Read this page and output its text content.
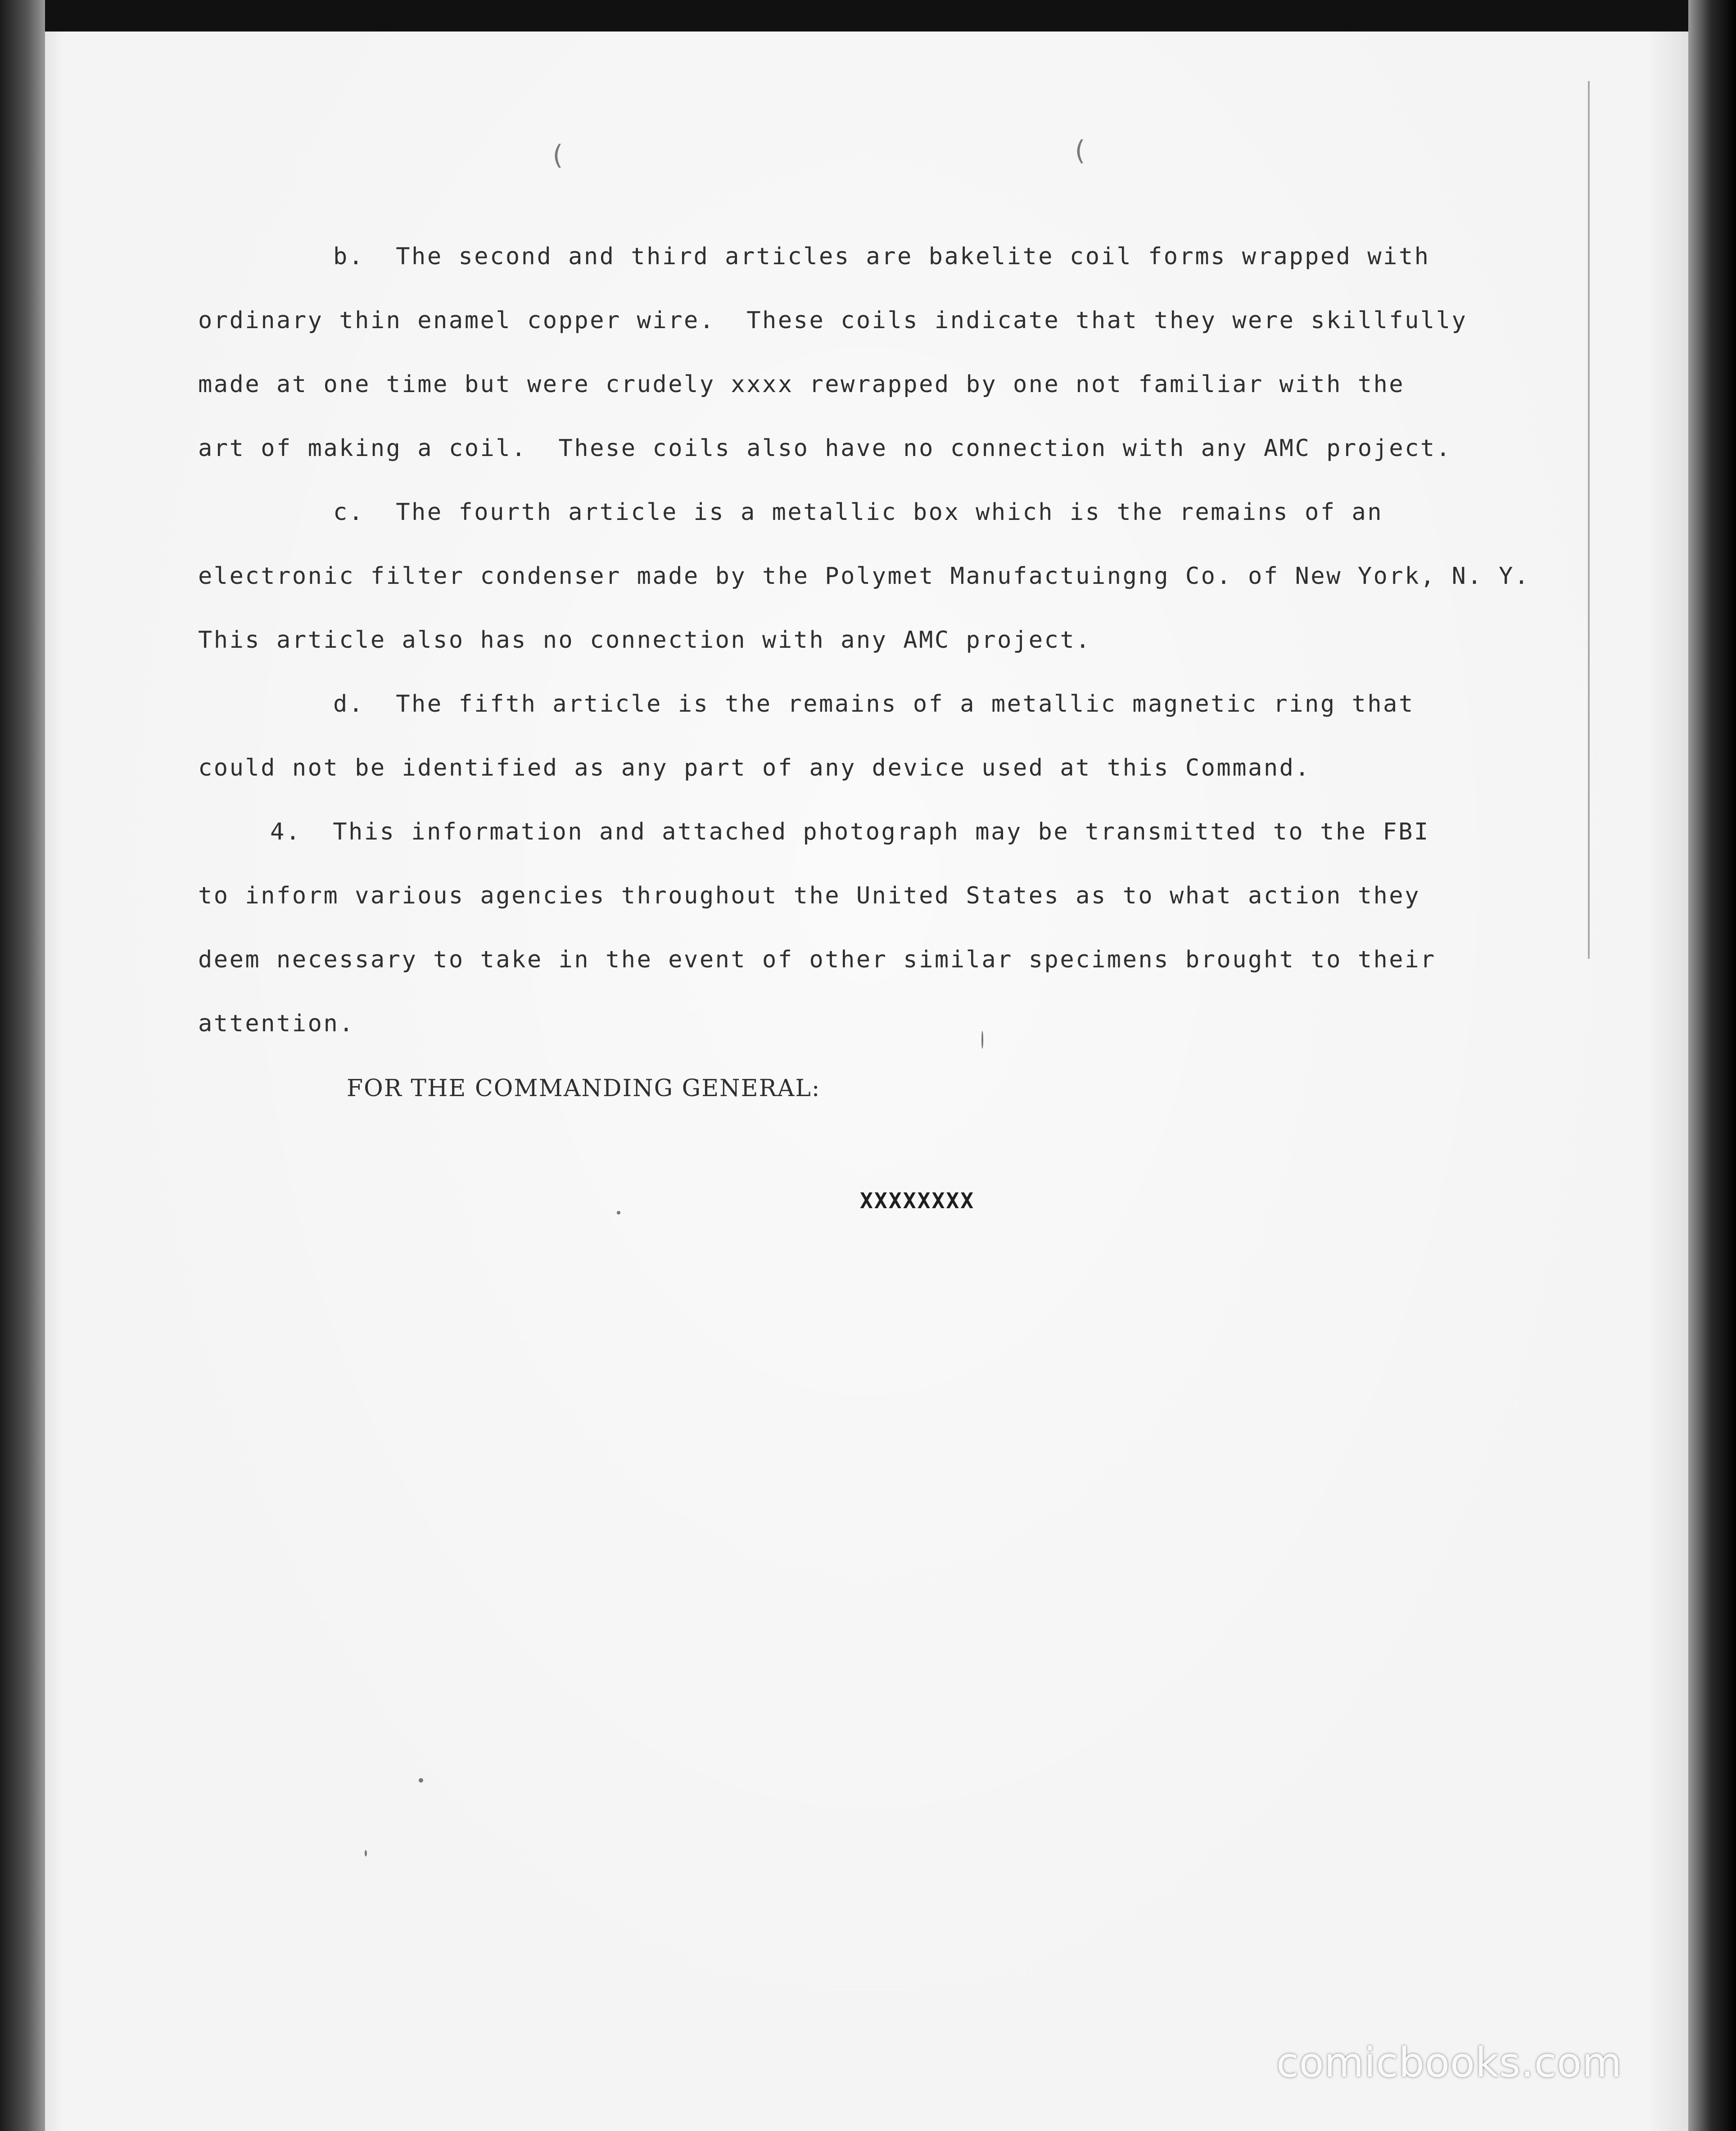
(	(
b.  The second and third articles are bakelite coil forms wrapped with
ordinary thin enamel copper wire.  These coils indicate that they were skillfully
made at one time but were crudely xxxx rewrapped by one not familiar with the
art of making a coil.  These coils also have no connection with any AMC project.
c.  The fourth article is a metallic box which is the remains of an
electronic filter condenser made by the Polymet Manufactuingng Co. of New York, N. Y.
This article also has no connection with any AMC project.
d.  The fifth article is the remains of a metallic magnetic ring that
could not be identified as any part of any device used at this Command.
4.  This information and attached photograph may be transmitted to the FBI
to inform various agencies throughout the United States as to what action they
deem necessary to take in the event of other similar specimens brought to their
attention.
FOR THE COMMANDING GENERAL:
XXXXXXXX
comicbooks.com
